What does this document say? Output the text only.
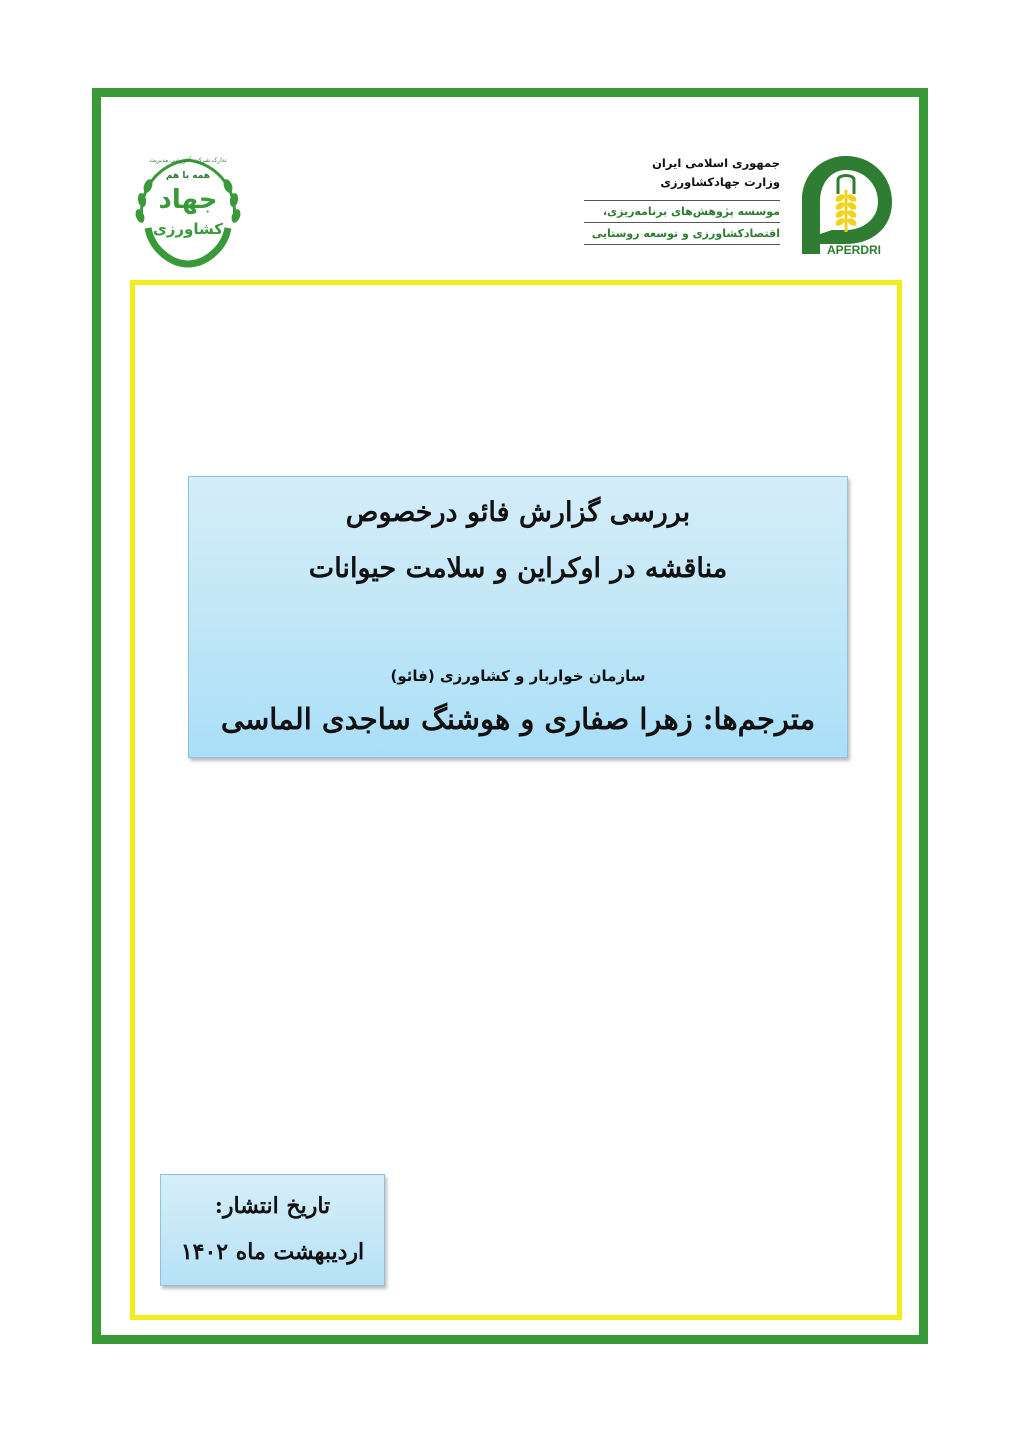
تدارک شرکت آموزشی مدیریت
همه با هم
جهاد
کشاورزی
جمهوری اسلامی ایران
وزارت جهادکشاورزی
موسسه پژوهش‌های برنامه‌ریزی،
اقتصادکشاورزی و توسعه روستایی
APERDRI
بررسی گزارش فائو درخصوص
مناقشه در اوکراین و سلامت حیوانات
سازمان خواربار و کشاورزی (فائو)
مترجم‌ها: زهرا صفاری و هوشنگ ساجدی الماسی
تاریخ انتشار:
اردیبهشت ماه ۱۴۰۲
